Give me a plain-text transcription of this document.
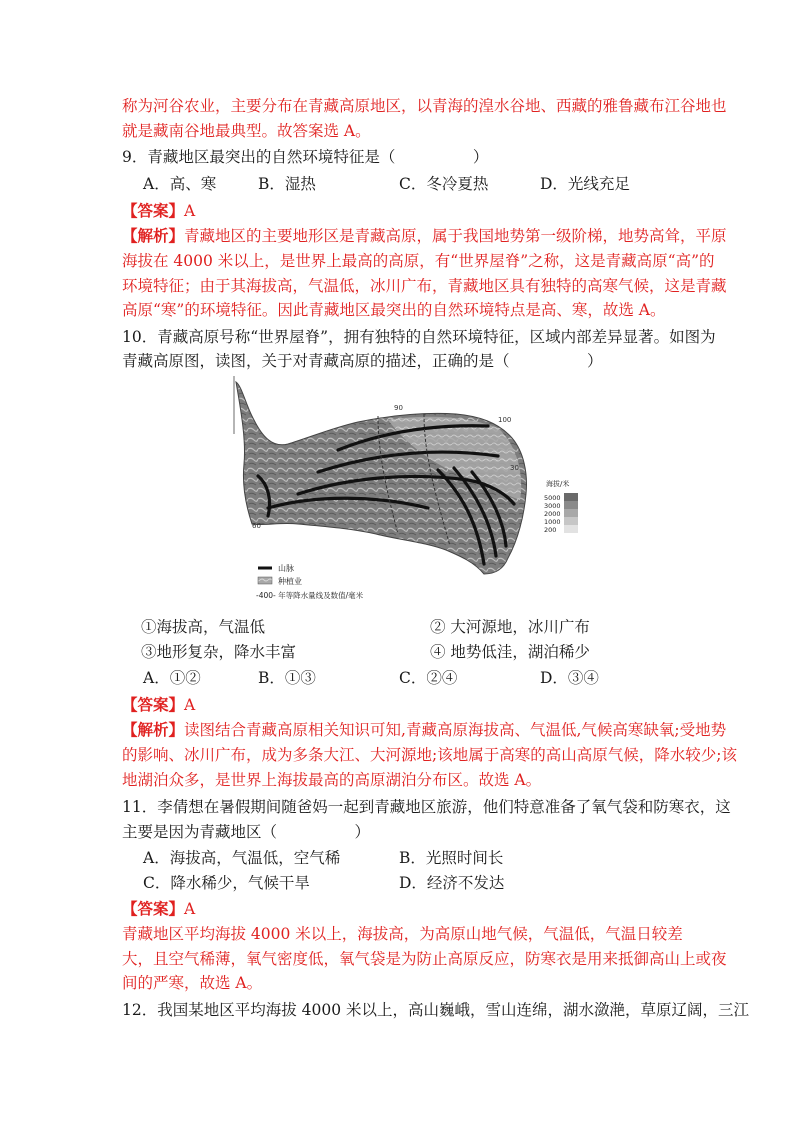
称为河谷农业，主要分布在青藏高原地区，以青海的湟水谷地、西藏的雅鲁藏布江谷地也
就是藏南谷地最典型。故答案选 A。
9．青藏地区最突出的自然环境特征是（　　　　　）
A．高、寒	B．湿热	C．冬冷夏热	D．光线充足
【答案】A
【解析】青藏地区的主要地形区是青藏高原，属于我国地势第一级阶梯，地势高耸，平原
海拔在 4000 米以上，是世界上最高的高原，有“世界屋脊”之称，这是青藏高原“高”的
环境特征；由于其海拔高，气温低，冰川广布，青藏地区具有独特的高寒气候，这是青藏
高原“寒”的环境特征。因此青藏地区最突出的自然环境特点是高、寒，故选 A。
10．青藏高原号称“世界屋脊”，拥有独特的自然环境特征，区域内部差异显著。如图为
青藏高原图，读图，关于对青藏高原的描述，正确的是（　　　　　）
90
100
30
60
海拔/米
5000
3000
2000
1000
200
山脉
种植业
-400- 年等降水量线及数值/毫米
①海拔高，气温低	② 大河源地，冰川广布
③地形复杂，降水丰富	④ 地势低洼，湖泊稀少
A．①②	B．①③	C．②④	D．③④
【答案】A
【解析】读图结合青藏高原相关知识可知,青藏高原海拔高、气温低,气候高寒缺氧;受地势
的影响、冰川广布，成为多条大江、大河源地;该地属于高寒的高山高原气候，降水较少;该
地湖泊众多，是世界上海拔最高的高原湖泊分布区。故选 A。
11．李倩想在暑假期间随爸妈一起到青藏地区旅游，他们特意准备了氧气袋和防寒衣，这
主要是因为青藏地区（　　　　　）
A．海拔高，气温低，空气稀	B．光照时间长
C．降水稀少，气候干旱	D．经济不发达
【答案】A
青藏地区平均海拔 4000 米以上，海拔高，为高原山地气候，气温低，气温日较差
大，且空气稀薄，氧气密度低，氧气袋是为防止高原反应，防寒衣是用来抵御高山上或夜
间的严寒，故选 A。
12．我国某地区平均海拔 4000 米以上，高山巍峨，雪山连绵，湖水潋滟，草原辽阔，三江
